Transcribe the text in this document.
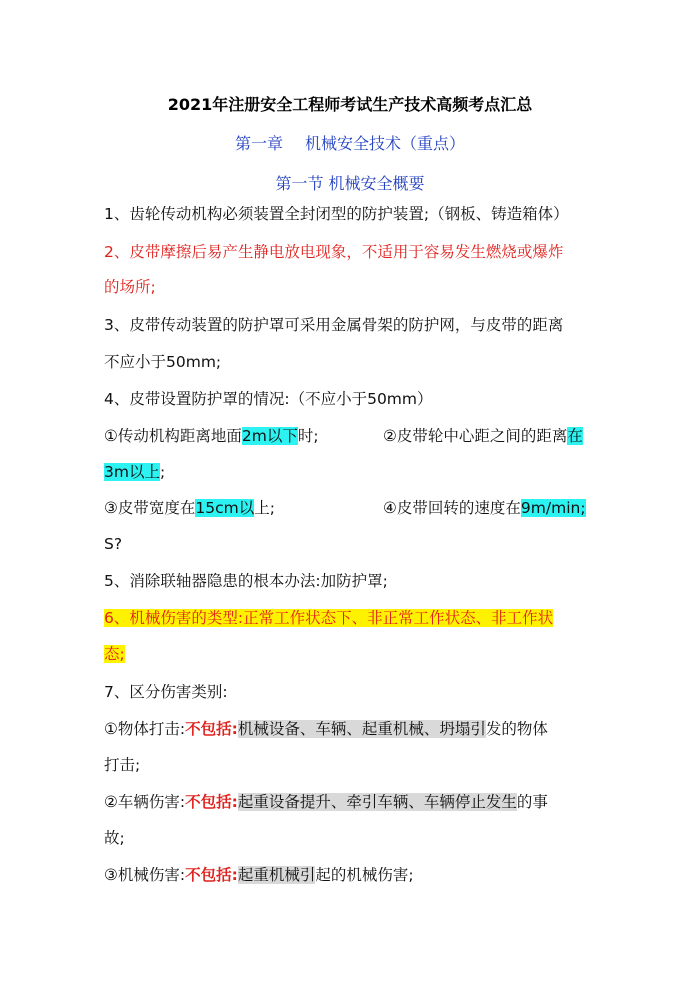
2021年注册安全工程师考试生产技术高频考点汇总
第一章 机械安全技术（重点）
第一节 机械安全概要
1、齿轮传动机构必须装置全封闭型的防护装置;（钢板、铸造箱体）
2、皮带摩擦后易产生静电放电现象，不适用于容易发生燃烧或爆炸
的场所;
3、皮带传动装置的防护罩可采用金属骨架的防护网，与皮带的距离
不应小于50mm;
4、皮带设置防护罩的情况:（不应小于50mm）
①传动机构距离地面2m以下时;	②皮带轮中心距之间的距离在
3m以上;
③皮带宽度在15cm以上;	④皮带回转的速度在9m/min;
S?
5、消除联轴器隐患的根本办法:加防护罩;
6、机械伤害的类型:正常工作状态下、非正常工作状态、非工作状
态;
7、区分伤害类别:
①物体打击:不包括:机械设备、车辆、起重机械、坍塌引发的物体
打击;
②车辆伤害:不包括:起重设备提升、牵引车辆、车辆停止发生的事
故;
③机械伤害:不包括:起重机械引起的机械伤害;
